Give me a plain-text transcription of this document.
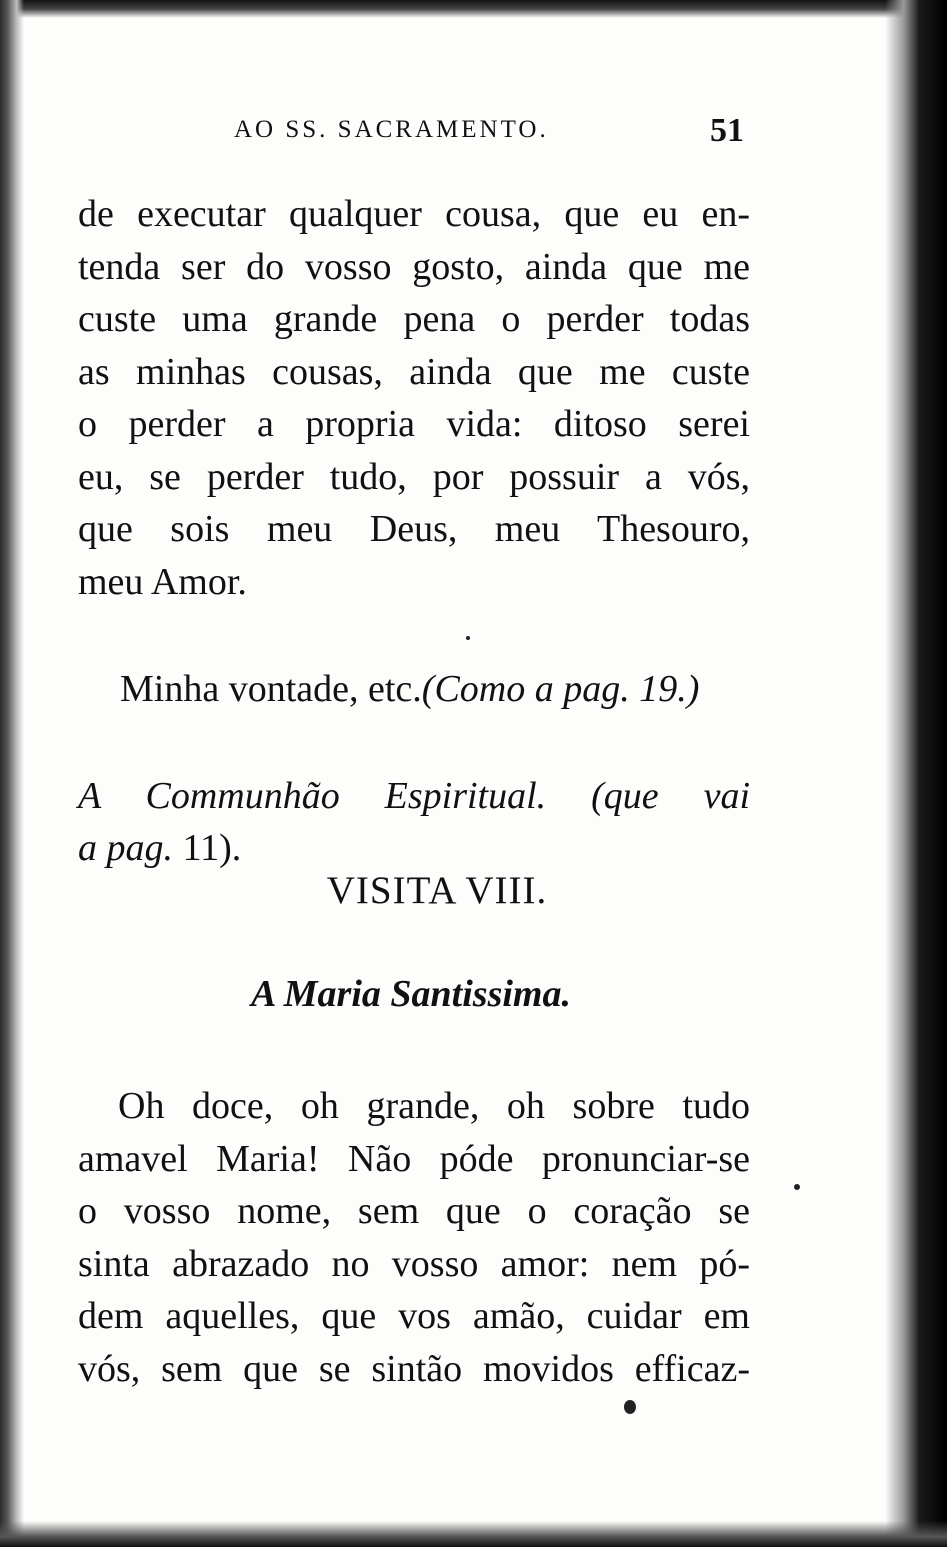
AO SS. SACRAMENTO.	51
de executar qualquer cousa, que eu en-
tenda ser do vosso gosto, ainda que me
custe uma grande pena o perder todas
as minhas cousas, ainda que me custe
o perder a propria vida: ditoso serei
eu, se perder tudo, por possuir a vós,
que sois meu Deus, meu Thesouro,
meu Amor.
Minha vontade, etc.(Como a pag. 19.)
A Communhão Espiritual. (que vai
a pag. 11).
VISITA VIII.
A Maria Santissima.
Oh doce, oh grande, oh sobre tudo
amavel Maria! Não póde pronunciar-se
o vosso nome, sem que o coração se
sinta abrazado no vosso amor: nem pó-
dem aquelles, que vos amão, cuidar em
vós, sem que se sintão movidos efficaz-
